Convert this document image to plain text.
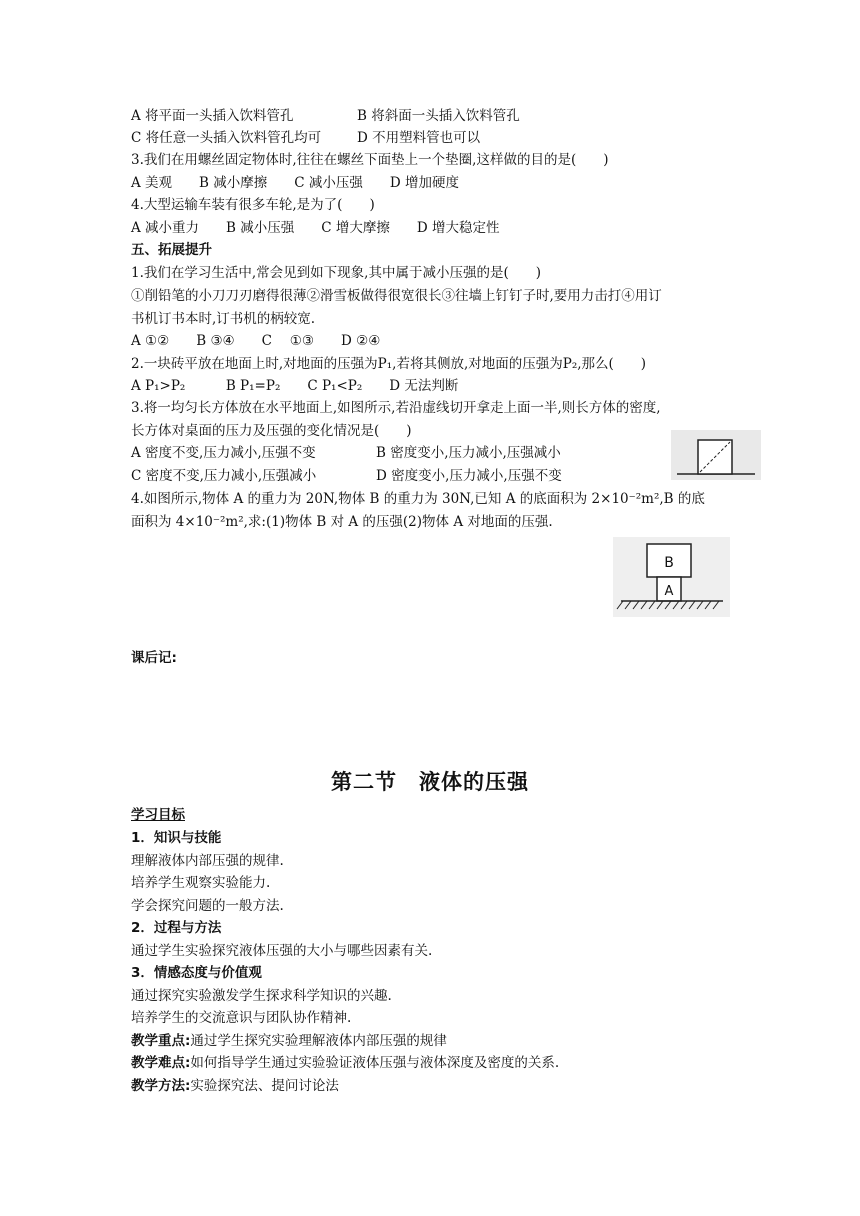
A 将平面一头插入饮料管孔	B 将斜面一头插入饮料管孔
C 将任意一头插入饮料管孔均可	D 不用塑料管也可以
3.我们在用螺丝固定物体时,往往在螺丝下面垫上一个垫圈,这样做的目的是(　　)
A 美观　　B 减小摩擦　　C 减小压强　　D 增加硬度
4.大型运输车装有很多车轮,是为了(　　)
A 减小重力　　B 减小压强　　C 增大摩擦　　D 增大稳定性
五、拓展提升
1.我们在学习生活中,常会见到如下现象,其中属于减小压强的是(　　)
①削铅笔的小刀刀刃磨得很薄②滑雪板做得很宽很长③往墙上钉钉子时,要用力击打④用订
书机订书本时,订书机的柄较宽.
A ①②　　B ③④　　C 　①③　　D ②④
2.一块砖平放在地面上时,对地面的压强为P₁,若将其侧放,对地面的压强为P₂,那么(　　)
A P₁>P₂　　　B P₁=P₂　　C P₁<P₂　　D 无法判断
3.将一均匀长方体放在水平地面上,如图所示,若沿虚线切开拿走上面一半,则长方体的密度,
长方体对桌面的压力及压强的变化情况是(　　)
A 密度不变,压力减小,压强不变	B 密度变小,压力减小,压强减小
C 密度不变,压力减小,压强减小	D 密度变小,压力减小,压强不变
4.如图所示,物体 A 的重力为 20N,物体 B 的重力为 30N,已知 A 的底面积为 2×10⁻²m²,B 的底
面积为 4×10⁻²m²,求:(1)物体 B 对 A 的压强(2)物体 A 对地面的压强.
B
A
课后记:
第二节　液体的压强
学习目标
1．知识与技能
理解液体内部压强的规律.
培养学生观察实验能力.
学会探究问题的一般方法.
2．过程与方法
通过学生实验探究液体压强的大小与哪些因素有关.
3．情感态度与价值观
通过探究实验激发学生探求科学知识的兴趣.
培养学生的交流意识与团队协作精神.
教学重点:通过学生探究实验理解液体内部压强的规律
教学难点:如何指导学生通过实验验证液体压强与液体深度及密度的关系.
教学方法:实验探究法、提问讨论法
